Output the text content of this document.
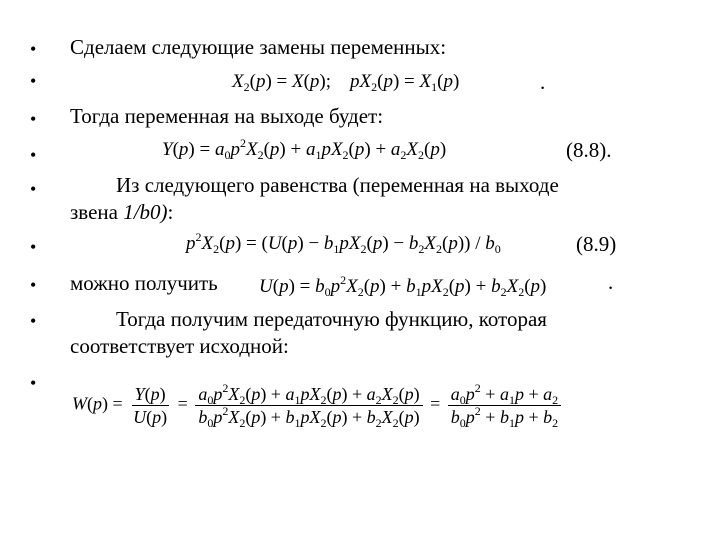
•
•
•
•
•
•
•
•
•
Сделаем следующие замены переменных:
Тогда переменная на выходе будет:
Из следующего равенства (переменная на выходе
звена 1/b0):
можно получить
Тогда получим передаточную функцию, которая
соответствует исходной:
.
(8.8).
(8.9)
.
$X_2(p) = X(p)$;    $pX_2(p) = X_1(p)$
$Y(p) = a_0p^2X_2(p) + a_1pX_2(p) + a_2X_2(p)$
$p^2X_2(p) = (U(p) - b_1pX_2(p) - b_2X_2(p)) / b_0$
$U(p) = b_0p^2X_2(p) + b_1pX_2(p) + b_2X_2(p)$
$W(p) = \frac{Y(p)}{U(p)} = \frac{a_0p^2X_2(p) + a_1pX_2(p) + a_2X_2(p)}{b_0p^2X_2(p) + b_1pX_2(p) + b_2X_2(p)} = \frac{a_0p^2 + a_1p + a_2}{b_0p^2 + b_1p + b_2}$
